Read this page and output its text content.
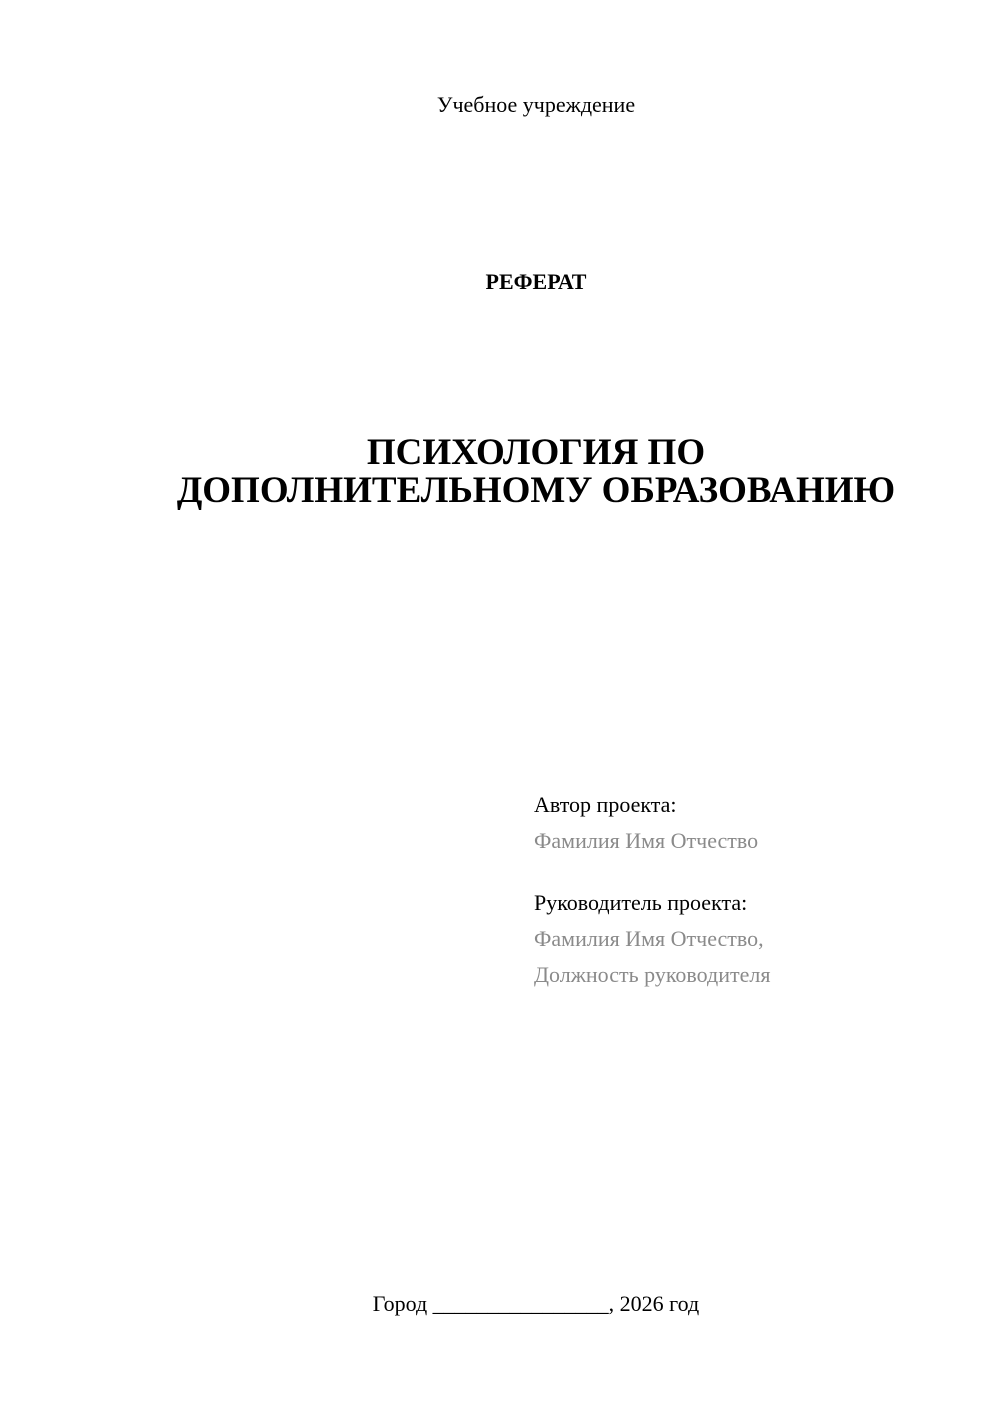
Учебное учреждение
РЕФЕРАТ
ПСИХОЛОГИЯ ПО
ДОПОЛНИТЕЛЬНОМУ ОБРАЗОВАНИЮ
Автор проекта:
Фамилия Имя Отчество
Руководитель проекта:
Фамилия Имя Отчество,
Должность руководителя
Город ________________, 2026 год
